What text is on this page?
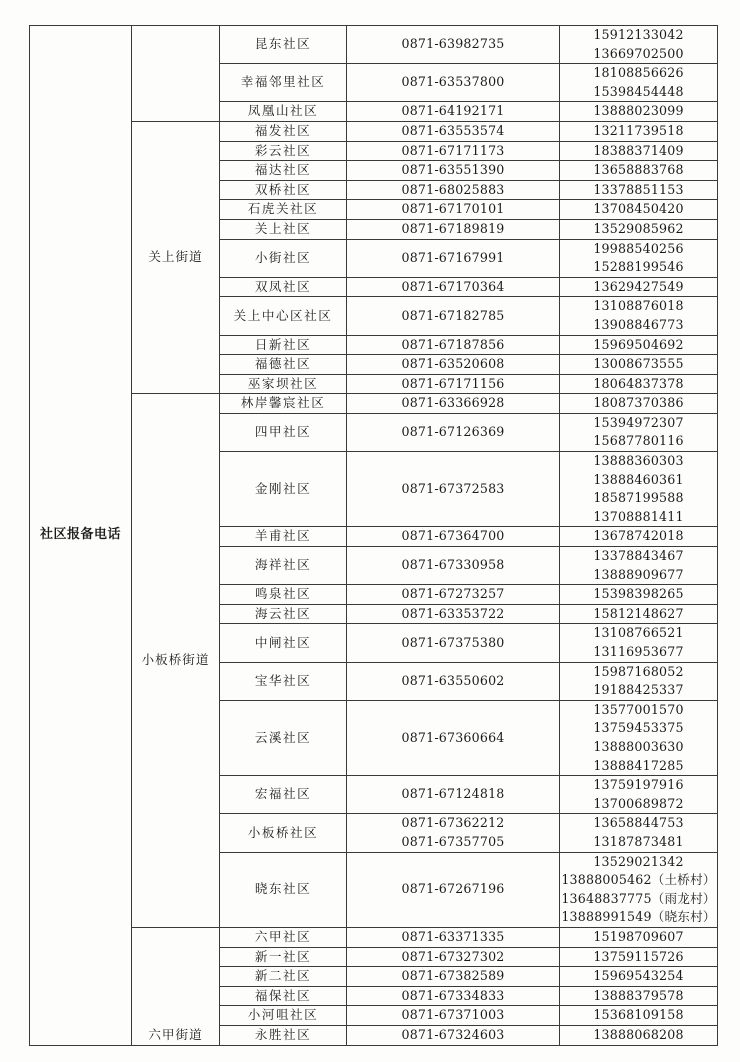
社区报备电话		昆东社区	0871-63982735	15912133042
13669702500

		幸福邻里社区	0871-63537800	18108856626
15398454448

		凤凰山社区	0871-64192171	13888023099

	关上街道	福发社区	0871-63553574	13211739518

		彩云社区	0871-67171173	18388371409

		福达社区	0871-63551390	13658883768

		双桥社区	0871-68025883	13378851153

		石虎关社区	0871-67170101	13708450420

		关上社区	0871-67189819	13529085962

		小街社区	0871-67167991	19988540256
15288199546

		双凤社区	0871-67170364	13629427549

		关上中心区社区	0871-67182785	13108876018
13908846773

		日新社区	0871-67187856	15969504692

		福德社区	0871-63520608	13008673555

		巫家坝社区	0871-67171156	18064837378

	小板桥街道	林岸馨宸社区	0871-63366928	18087370386

		四甲社区	0871-67126369	15394972307
15687780116

		金刚社区	0871-67372583	13888360303
13888460361
18587199588
13708881411

		羊甫社区	0871-67364700	13678742018

		海祥社区	0871-67330958	13378843467
13888909677

		鸣泉社区	0871-67273257	15398398265

		海云社区	0871-63353722	15812148627

		中闸社区	0871-67375380	13108766521
13116953677

		宝华社区	0871-63550602	15987168052
19188425337

		云溪社区	0871-67360664	13577001570
13759453375
13888003630
13888417285

		宏福社区	0871-67124818	13759197916
13700689872

		小板桥社区	0871-67362212
0871-67357705	13658844753
13187873481

		晓东社区	0871-67267196	13529021342
13888005462（土桥村）
13648837775（雨龙村）
13888991549（晓东村）

	六甲街道	六甲社区	0871-63371335	15198709607

		新一社区	0871-67327302	13759115726

		新二社区	0871-67382589	15969543254

		福保社区	0871-67334833	13888379578

		小河咀社区	0871-67371003	15368109158

		永胜社区	0871-67324603	13888068208
